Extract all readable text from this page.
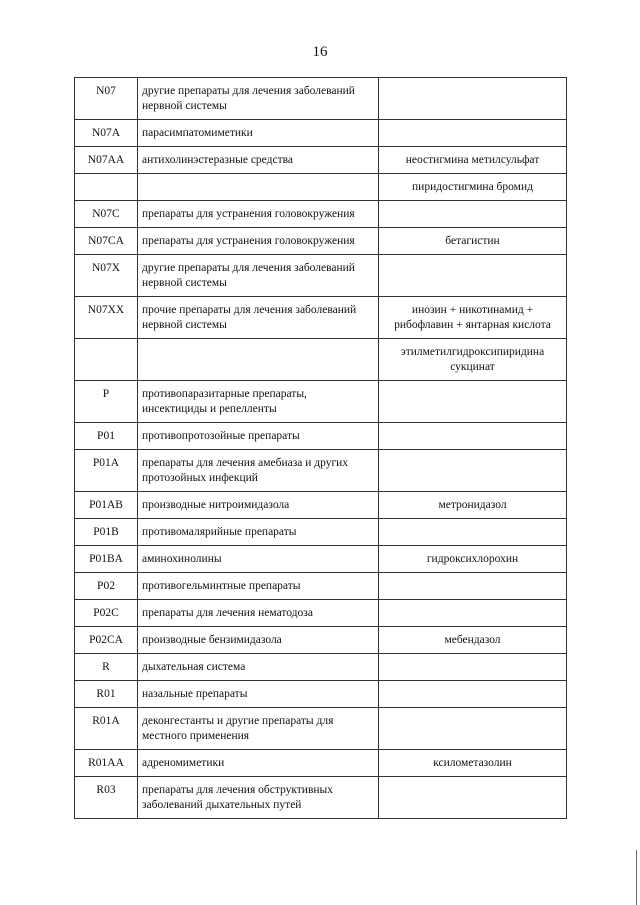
16
N07	другие препараты для лечения заболеваний нервной системы	
N07A	парасимпатомиметики	
N07AA	антихолинэстеразные средства	неостигмина метилсульфат
		пиридостигмина бромид
N07C	препараты для устранения головокружения	
N07CA	препараты для устранения головокружения	бетагистин
N07X	другие препараты для лечения заболеваний нервной системы	
N07XX	прочие препараты для лечения заболеваний нервной системы	инозин + никотинамид + рибофлавин + янтарная кислота
		этилметилгидроксипиридина сукцинат
P	противопаразитарные препараты, инсектициды и репелленты	
P01	противопротозойные препараты	
P01A	препараты для лечения амебиаза и других протозойных инфекций	
P01AB	производные нитроимидазола	метронидазол
P01B	противомалярийные препараты	
P01BA	аминохинолины	гидроксихлорохин
P02	противогельминтные препараты	
P02C	препараты для лечения нематодоза	
P02CA	производные бензимидазола	мебендазол
R	дыхательная система	
R01	назальные препараты	
R01A	деконгестанты и другие препараты для местного применения	
R01AA	адреномиметики	ксилометазолин
R03	препараты для лечения обструктивных заболеваний дыхательных путей	
